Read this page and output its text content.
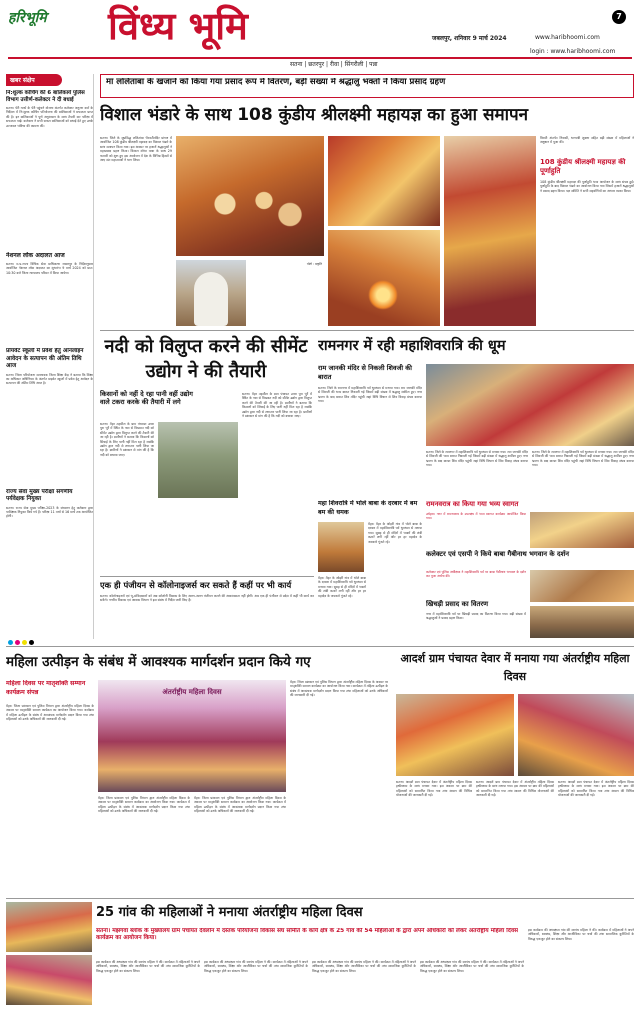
हरिभूमि विंध्य भूमि	7
जबलपुर, शनिवार 9 मार्च 2024	www.haribhoomi.com
login : www.haribhoomi.com
सतना | छतरपुर | रीवा | सिंगरौली | पन्ना
खबर संक्षेप
नि:शुल्क कोचिंग की 6 बालिकायें पुलिस विभाग उत्तीर्ण-कलेक्टर ने दी बधाई
सतना। पेरी गर्ल्स के पेरी पहुंचने योजना अंतर्गत कलेक्टर अनुराग वर्मा के निर्देशन में नि:शुल्क कोचिंग परियोजना की बालिकाओं ने सफलता प्राप्त की है। इन बालिकाओं ने पूर्ण अनुशासन के साथ तैयारी कर परीक्षा में सफलता पाई। कलेक्टर ने सभी सफल बालिकाओं को बधाई देते हुए उनके उज्जवल भविष्य की कामना की।
नेशनल लोक अदालत आज
सतना। म.प्र.राज्य विधिक सेवा प्राधिकरण जबलपुर के निर्देशानुसार आयोजित नेशनल लोक अदालत का शुभारंभ 9 मार्च 2024 को प्रात: 10:30 बजे जिला न्यायालय परिसर में किया जायेगा।
प्रायवेट स्कूलों में प्रवेश हेतु आनलाइन आवेदन के सत्यापन की अंतिम तिथि आज
सतना। जिला परियोजना समन्वयक जिला शिक्षा केंद्र ने बताया कि शिक्षा का अधिकार अधिनियम के अंतर्गत प्राइवेट स्कूलों में प्रवेश हेतु आवेदन के सत्यापन की अंतिम तिथि आज है।
राज्य सेवा मुख्य परीक्षा संगणीय पर्यवेक्षक नियुक्त
सतना। राज्य सेवा मुख्य परीक्षा-2023 के संचालन हेतु कलेक्टर द्वारा पर्यवेक्षक नियुक्त किये गये हैं। परीक्षा 11 मार्च से 16 मार्च तक आयोजित होगी।
मां ललितांबा के खजाने को किया गया प्रसाद रूप में वितरण, बड़ी संख्या में श्रद्धालु भक्तों ने किया प्रसाद ग्रहण
विशाल भंडारे के साथ 108 कुंडीय श्रीलक्ष्मी महायज्ञ का हुआ समापन
सतना। जिले के सुप्रसिद्ध ललितांबा भैरवतीमंदिर प्रांगण में आयोजित 108 कुंडीय श्रीलक्ष्मी महायज्ञ का विशाल भंडारे के साथ समापन किया गया। इस अवसर पर हजारों श्रद्धालुओं ने महाप्रसाद ग्रहण किया। विशाल शोभा यात्रा के साथ 29 फरवरी को शुरू हुए इस आयोजन में देश के विभिन्न हिस्सों से आए संत महात्माओं ने भाग लिया।
पोटो : प्रकृति
विराटी अंतर्गत निवासी, भाग्यश्री शुक्ला सहित बड़ी संख्या में महिलाओं ने अनुष्ठान में पूजा की।
108 कुंडीय श्रीलक्ष्मी महायज्ञ की पूर्णाहुति
108 कुंडीय श्रीलक्ष्मी महायज्ञ की पूर्णाहुति भव्य आयोजन के साथ संपन्न हुई। पूर्णाहुति के बाद विशाल भंडारे का आयोजन किया गया जिसमें हजारों श्रद्धालुओं ने प्रसाद ग्रहण किया। यज्ञ समिति ने सभी सहयोगियों का आभार व्यक्त किया।
नदी को विलुप्त करने की सीमेंट उद्योग ने की तैयारी
किसानों को नहीं दे रहा पानी वहीं उद्योग वाले टकरा करके की तैयारी में लगे
सतना। मैहर तहसील के ग्राम पंचायत उपरा पुरा भुर्रे में स्थित के नाम से विख्यात नदी को सीमेंट उद्योग द्वारा विलुप्त करने की तैयारी की जा रही है। ग्रामीणों ने बताया कि किसानों को सिंचाई के लिए पानी नहीं मिल रहा है जबकि उद्योग द्वारा नदी से लगातार पानी लिया जा रहा है। ग्रामीणों ने प्रशासन से मांग की है कि नदी को बचाया जाए।
सतना। मैहर तहसील के ग्राम पंचायत उपरा पुरा भुर्रे में स्थित के नाम से विख्यात नदी को सीमेंट उद्योग द्वारा विलुप्त करने की तैयारी की जा रही है। ग्रामीणों ने बताया कि किसानों को सिंचाई के लिए पानी नहीं मिल रहा है जबकि उद्योग द्वारा नदी से लगातार पानी लिया जा रहा है। ग्रामीणों ने प्रशासन से मांग की है कि नदी को बचाया जाए।
एक ही पंजीयन से कॉलोनाइजर्स कर सकते हैं कहीं पर भी कार्य
सतना। कॉलोनाइजरों एवं भू-संविदाकारों को अब कॉलोनी विकास के लिए अलग-अलग पंजीयन कराने की आवश्यकता नहीं होगी। अब एक ही पंजीयन से प्रदेश में कहीं भी कार्य कर सकेंगे। नगरीय विकास एवं आवास विभाग ने इस संबंध में निर्देश जारी किए हैं।
रामनगर में रही महाशिवरात्रि की धूम
राम जानकी मंदिर से निकली शिवजी की बारात
सतना। जिले के रामनगर में महाशिवरात्रि पर्व धूमधाम से मनाया गया। राम जानकी मंदिर से शिवजी की भव्य बारात निकाली गई जिसमें बड़ी संख्या में श्रद्धालु शामिल हुए। नगर भ्रमण के बाद बारात शिव मंदिर पहुंची जहां विधि विधान से शिव विवाह संपन्न कराया गया।
सतना। जिले के रामनगर में महाशिवरात्रि पर्व धूमधाम से मनाया गया। राम जानकी मंदिर से शिवजी की भव्य बारात निकाली गई जिसमें बड़ी संख्या में श्रद्धालु शामिल हुए। नगर भ्रमण के बाद बारात शिव मंदिर पहुंची जहां विधि विधान से शिव विवाह संपन्न कराया गया।
सतना। जिले के रामनगर में महाशिवरात्रि पर्व धूमधाम से मनाया गया। राम जानकी मंदिर से शिवजी की भव्य बारात निकाली गई जिसमें बड़ी संख्या में श्रद्धालु शामिल हुए। नगर भ्रमण के बाद बारात शिव मंदिर पहुंची जहां विधि विधान से शिव विवाह संपन्न कराया गया।
महा शिवरात्रि में भोले बाबा के दरबार में बम बम की धमक
मैहर। मैहर के ओइरी गांव में भोले बाबा के दरबार में महाशिवरात्रि पर्व धूमधाम से मनाया गया। सुबह से ही मंदिरों में भक्तों की लंबी कतारें लगी रहीं और हर हर महादेव के जयकारे गूंजते रहे।
मैहर। मैहर के ओइरी गांव में भोले बाबा के दरबार में महाशिवरात्रि पर्व धूमधाम से मनाया गया। सुबह से ही मंदिरों में भक्तों की लंबी कतारें लगी रहीं और हर हर महादेव के जयकारे गूंजते रहे।
रामनवरात्र का किया गया भव्य स्वागत
उचेहरा। नगर में रामनवरात्र के उपलक्ष्य में भव्य स्वागत कार्यक्रम आयोजित किया गया।
कलेक्टर एवं एसपी ने किये बाबा गैबीनाथ भगवान के दर्शन
कलेक्टर एवं पुलिस अधीक्षक ने महाशिवरात्रि पर्व पर बाबा गैबीनाथ भगवान के दर्शन कर पूजा अर्चना की।
खिचड़ी प्रसाद का वितरण
नगर में महाशिवरात्रि पर्व पर खिचड़ी प्रसाद का वितरण किया गया। बड़ी संख्या में श्रद्धालुओं ने प्रसाद ग्रहण किया।
महिला उत्पीड़न के संबंध में आवश्यक मार्गदर्शन प्रदान किये गए
महिला दिवस पर मातृशक्ति सम्मान कार्यक्रम संपन्न
मैहर। जिला प्रशासन एवं पुलिस विभाग द्वारा अंतर्राष्ट्रीय महिला दिवस के अवसर पर मातृशक्ति सम्मान कार्यक्रम का आयोजन किया गया। कार्यक्रम में महिला उत्पीड़न के संबंध में आवश्यक मार्गदर्शन प्रदान किया गया तथा महिलाओं को उनके अधिकारों की जानकारी दी गई।
अंतर्राष्ट्रीय महिला दिवस
मैहर। जिला प्रशासन एवं पुलिस विभाग द्वारा अंतर्राष्ट्रीय महिला दिवस के अवसर पर मातृशक्ति सम्मान कार्यक्रम का आयोजन किया गया। कार्यक्रम में महिला उत्पीड़न के संबंध में आवश्यक मार्गदर्शन प्रदान किया गया तथा महिलाओं को उनके अधिकारों की जानकारी दी गई।
मैहर। जिला प्रशासन एवं पुलिस विभाग द्वारा अंतर्राष्ट्रीय महिला दिवस के अवसर पर मातृशक्ति सम्मान कार्यक्रम का आयोजन किया गया। कार्यक्रम में महिला उत्पीड़न के संबंध में आवश्यक मार्गदर्शन प्रदान किया गया तथा महिलाओं को उनके अधिकारों की जानकारी दी गई।
मैहर। जिला प्रशासन एवं पुलिस विभाग द्वारा अंतर्राष्ट्रीय महिला दिवस के अवसर पर मातृशक्ति सम्मान कार्यक्रम का आयोजन किया गया। कार्यक्रम में महिला उत्पीड़न के संबंध में आवश्यक मार्गदर्शन प्रदान किया गया तथा महिलाओं को उनके अधिकारों की जानकारी दी गई।
आदर्श ग्राम पंचायत देवार में मनाया गया अंतर्राष्ट्रीय महिला दिवस
सतना। आदर्श ग्राम पंचायत देवार में अंतर्राष्ट्रीय महिला दिवस हर्षोल्लास के साथ मनाया गया। इस अवसर पर ग्राम की महिलाओं को सम्मानित किया गया तथा शासन की विभिन्न योजनाओं की जानकारी दी गई।
सतना। आदर्श ग्राम पंचायत देवार में अंतर्राष्ट्रीय महिला दिवस हर्षोल्लास के साथ मनाया गया। इस अवसर पर ग्राम की महिलाओं को सम्मानित किया गया तथा शासन की विभिन्न योजनाओं की जानकारी दी गई।
सतना। आदर्श ग्राम पंचायत देवार में अंतर्राष्ट्रीय महिला दिवस हर्षोल्लास के साथ मनाया गया। इस अवसर पर ग्राम की महिलाओं को सम्मानित किया गया तथा शासन की विभिन्न योजनाओं की जानकारी दी गई।
25 गांव की महिलाओं ने मनाया अंतर्राष्ट्रीय महिला दिवस
सतना। मझगवां ब्लॉक के मुख्यालय ग्राम पंचायत देवलोन में दस्तक परियोजना विकास संघ समिति के कार्य क्षेत्र के 25 गांव की 54 महिलाओं के द्वारा अपने अधिकारों को लेकर अंतर्राष्ट्रीय महिला दिवस कार्यक्रम का आयोजन किया।
इस कार्यक्रम की अध्यक्षता गांव की सरपंच महिला ने की। कार्यक्रम में महिलाओं ने अपने अधिकारों, स्वास्थ्य, शिक्षा और आजीविका पर चर्चा की तथा सामाजिक कुरीतियों के विरुद्ध एकजुट होने का संकल्प लिया।
इस कार्यक्रम की अध्यक्षता गांव की सरपंच महिला ने की। कार्यक्रम में महिलाओं ने अपने अधिकारों, स्वास्थ्य, शिक्षा और आजीविका पर चर्चा की तथा सामाजिक कुरीतियों के विरुद्ध एकजुट होने का संकल्प लिया।
इस कार्यक्रम की अध्यक्षता गांव की सरपंच महिला ने की। कार्यक्रम में महिलाओं ने अपने अधिकारों, स्वास्थ्य, शिक्षा और आजीविका पर चर्चा की तथा सामाजिक कुरीतियों के विरुद्ध एकजुट होने का संकल्प लिया।
इस कार्यक्रम की अध्यक्षता गांव की सरपंच महिला ने की। कार्यक्रम में महिलाओं ने अपने अधिकारों, स्वास्थ्य, शिक्षा और आजीविका पर चर्चा की तथा सामाजिक कुरीतियों के विरुद्ध एकजुट होने का संकल्प लिया।
इस कार्यक्रम की अध्यक्षता गांव की सरपंच महिला ने की। कार्यक्रम में महिलाओं ने अपने अधिकारों, स्वास्थ्य, शिक्षा और आजीविका पर चर्चा की तथा सामाजिक कुरीतियों के विरुद्ध एकजुट होने का संकल्प लिया।
